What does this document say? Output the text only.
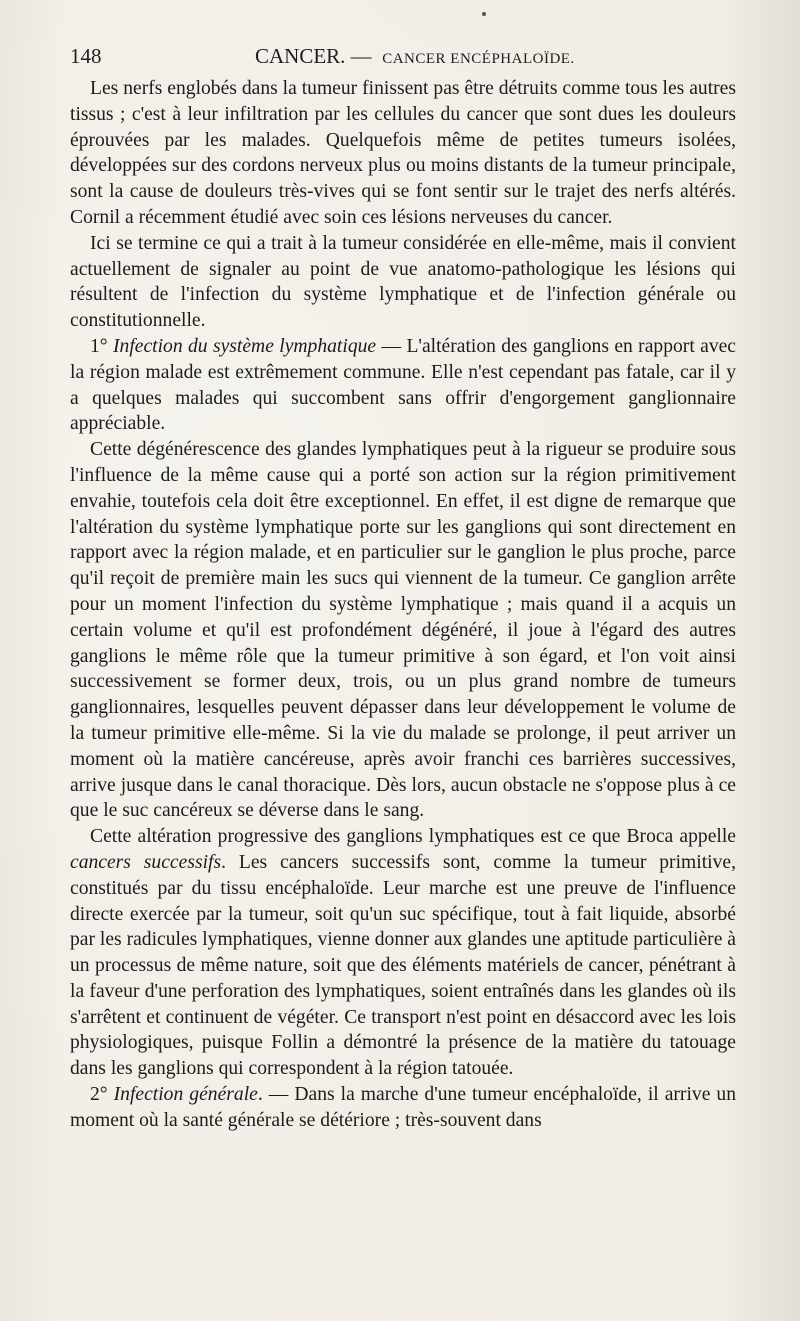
148	CANCER. — CANCER ENCÉPHALOÏDE.

Les nerfs englobés dans la tumeur finissent pas être détruits comme tous les autres tissus ; c'est à leur infiltration par les cellules du cancer que sont dues les douleurs éprouvées par les malades. Quelquefois même de petites tumeurs isolées, développées sur des cordons nerveux plus ou moins distants de la tumeur principale, sont la cause de douleurs très-vives qui se font sentir sur le trajet des nerfs altérés. Cornil a récemment étudié avec soin ces lésions nerveuses du cancer.

Ici se termine ce qui a trait à la tumeur considérée en elle-même, mais il convient actuellement de signaler au point de vue anatomo-pathologique les lésions qui résultent de l'infection du système lymphatique et de l'infection générale ou constitutionnelle.

1° Infection du système lymphatique — L'altération des ganglions en rapport avec la région malade est extrêmement commune. Elle n'est cependant pas fatale, car il y a quelques malades qui succombent sans offrir d'engorgement ganglionnaire appréciable.

Cette dégénérescence des glandes lymphatiques peut à la rigueur se produire sous l'influence de la même cause qui a porté son action sur la région primitivement envahie, toutefois cela doit être exceptionnel. En effet, il est digne de remarque que l'altération du système lymphatique porte sur les ganglions qui sont directement en rapport avec la région malade, et en particulier sur le ganglion le plus proche, parce qu'il reçoit de première main les sucs qui viennent de la tumeur. Ce ganglion arrête pour un moment l'infection du système lymphatique ; mais quand il a acquis un certain volume et qu'il est profondément dégénéré, il joue à l'égard des autres ganglions le même rôle que la tumeur primitive à son égard, et l'on voit ainsi successivement se former deux, trois, ou un plus grand nombre de tumeurs ganglionnaires, lesquelles peuvent dépasser dans leur développement le volume de la tumeur primitive elle-même. Si la vie du malade se prolonge, il peut arriver un moment où la matière cancéreuse, après avoir franchi ces barrières successives, arrive jusque dans le canal thoracique. Dès lors, aucun obstacle ne s'oppose plus à ce que le suc cancéreux se déverse dans le sang.

Cette altération progressive des ganglions lymphatiques est ce que Broca appelle cancers successifs. Les cancers successifs sont, comme la tumeur primitive, constitués par du tissu encéphaloïde. Leur marche est une preuve de l'influence directe exercée par la tumeur, soit qu'un suc spécifique, tout à fait liquide, absorbé par les radicules lymphatiques, vienne donner aux glandes une aptitude particulière à un processus de même nature, soit que des éléments matériels de cancer, pénétrant à la faveur d'une perforation des lymphatiques, soient entraînés dans les glandes où ils s'arrêtent et continuent de végéter. Ce transport n'est point en désaccord avec les lois physiologiques, puisque Follin a démontré la présence de la matière du tatouage dans les ganglions qui correspondent à la région tatouée.

2° Infection générale. — Dans la marche d'une tumeur encéphaloïde, il arrive un moment où la santé générale se détériore ; très-souvent dans
